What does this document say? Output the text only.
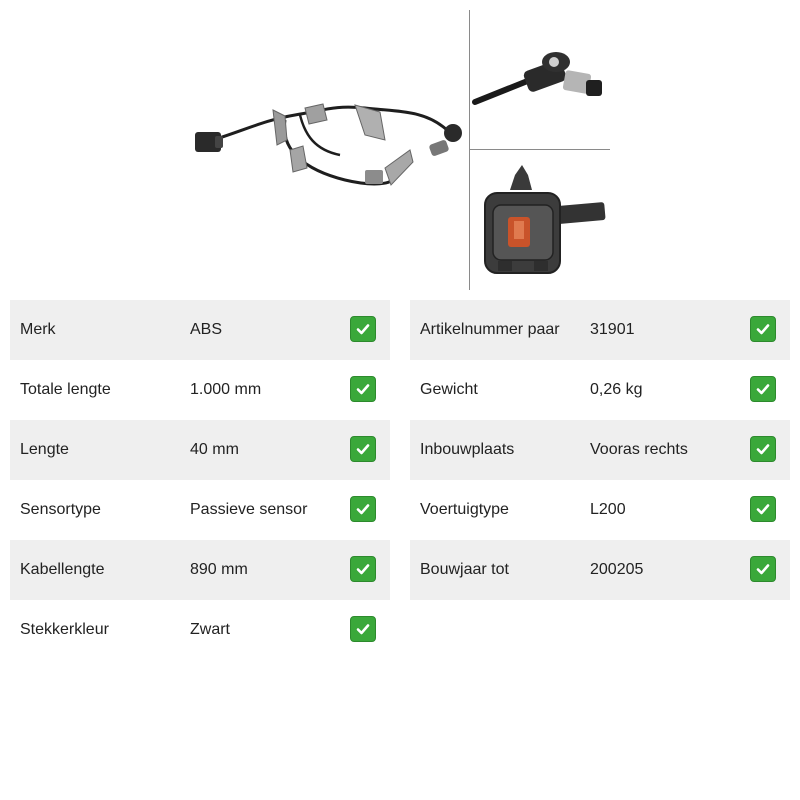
Merk	ABS
Totale lengte	1.000 mm
Lengte	40 mm
Sensortype	Passieve sensor
Kabellengte	890 mm
Stekkerkleur	Zwart
Artikelnummer paar 31901
Gewicht	0,26 kg
Inbouwplaats	Vooras rechts
Voertuigtype	L200
Bouwjaar tot	200205
